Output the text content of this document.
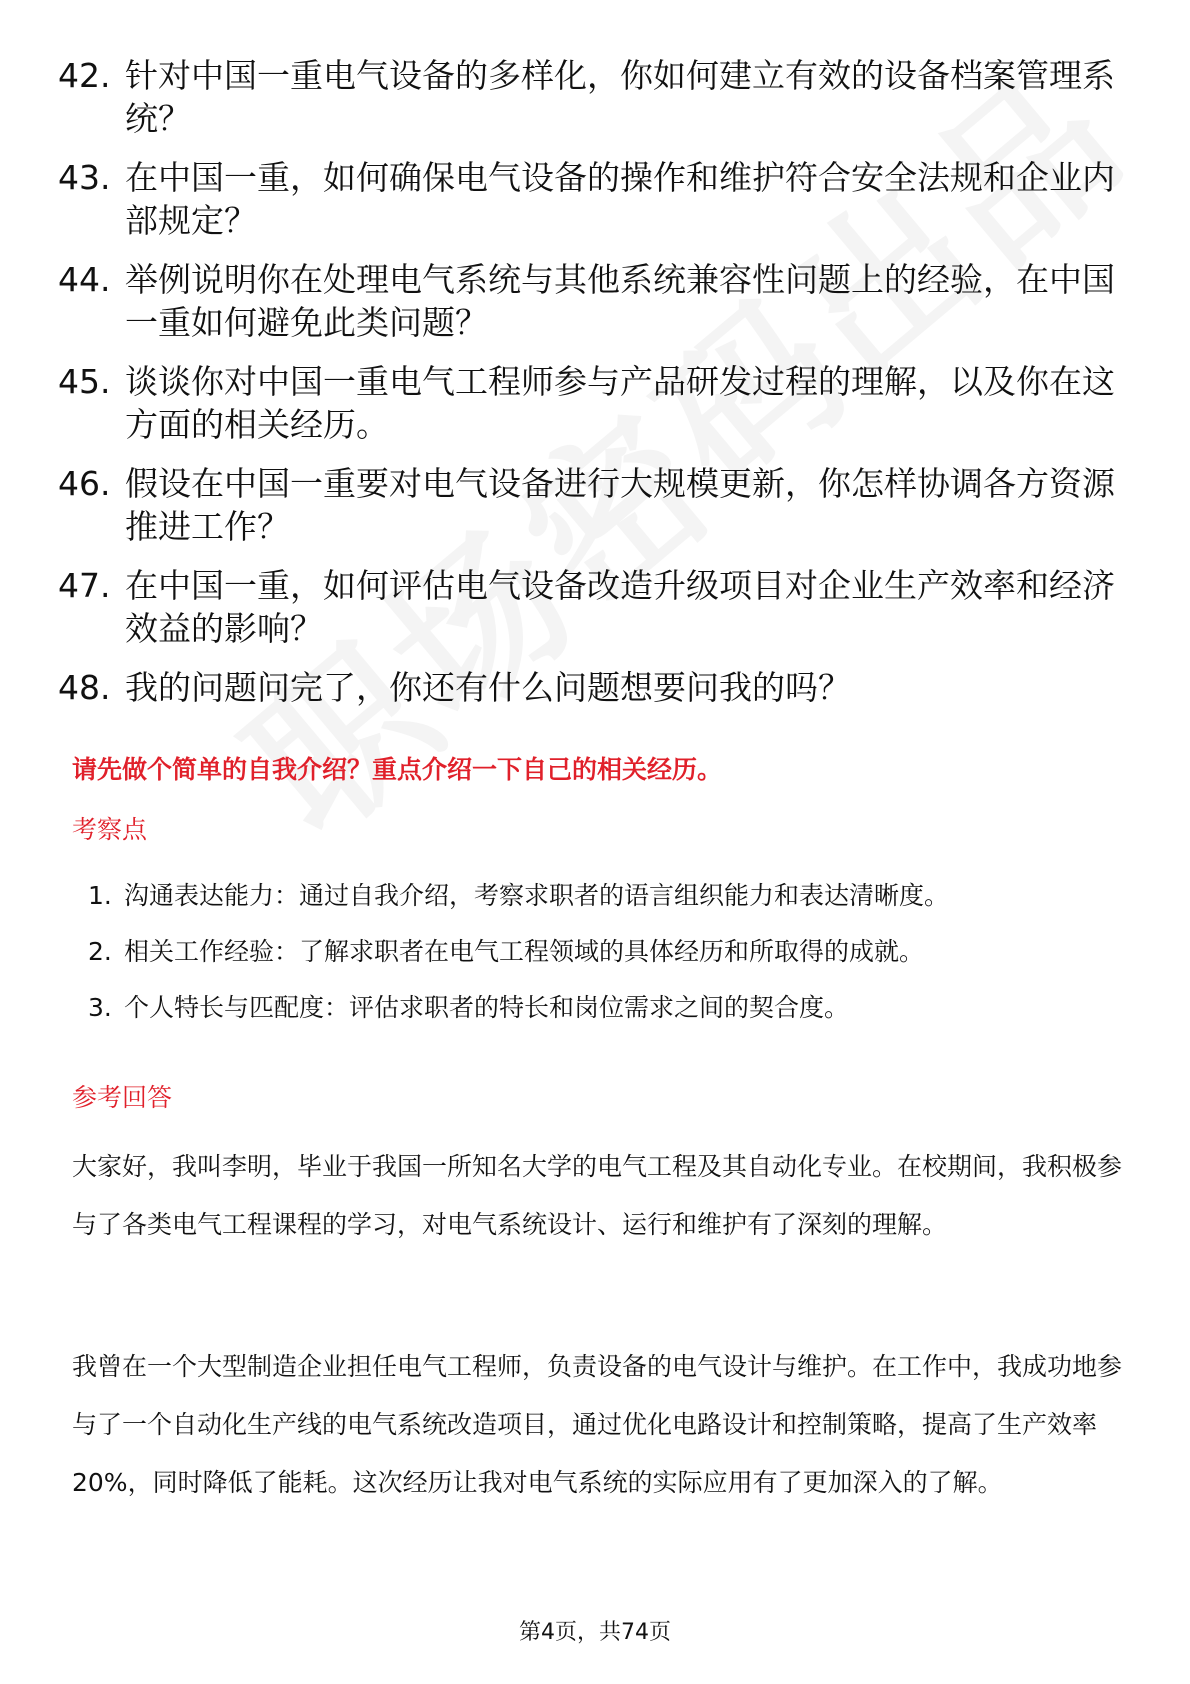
42. 针对中国一重电气设备的多样化，你如何建立有效的设备档案管理系统？
43. 在中国一重，如何确保电气设备的操作和维护符合安全法规和企业内部规定？
44. 举例说明你在处理电气系统与其他系统兼容性问题上的经验，在中国一重如何避免此类问题？
45. 谈谈你对中国一重电气工程师参与产品研发过程的理解，以及你在这方面的相关经历。
46. 假设在中国一重要对电气设备进行大规模更新，你怎样协调各方资源推进工作？
47. 在中国一重，如何评估电气设备改造升级项目对企业生产效率和经济效益的影响？
48. 我的问题问完了，你还有什么问题想要问我的吗？
请先做个简单的自我介绍？重点介绍一下自己的相关经历。
考察点
1. 沟通表达能力：通过自我介绍，考察求职者的语言组织能力和表达清晰度。
2. 相关工作经验：了解求职者在电气工程领域的具体经历和所取得的成就。
3. 个人特长与匹配度：评估求职者的特长和岗位需求之间的契合度。
参考回答

大家好，我叫李明，毕业于我国一所知名大学的电气工程及其自动化专业。在校期间，我积极参与了各类电气工程课程的学习，对电气系统设计、运行和维护有了深刻的理解。

我曾在一个大型制造企业担任电气工程师，负责设备的电气设计与维护。在工作中，我成功地参与了一个自动化生产线的电气系统改造项目，通过优化电路设计和控制策略，提高了生产效率20%，同时降低了能耗。这次经历让我对电气系统的实际应用有了更加深入的了解。

第4页，共74页
